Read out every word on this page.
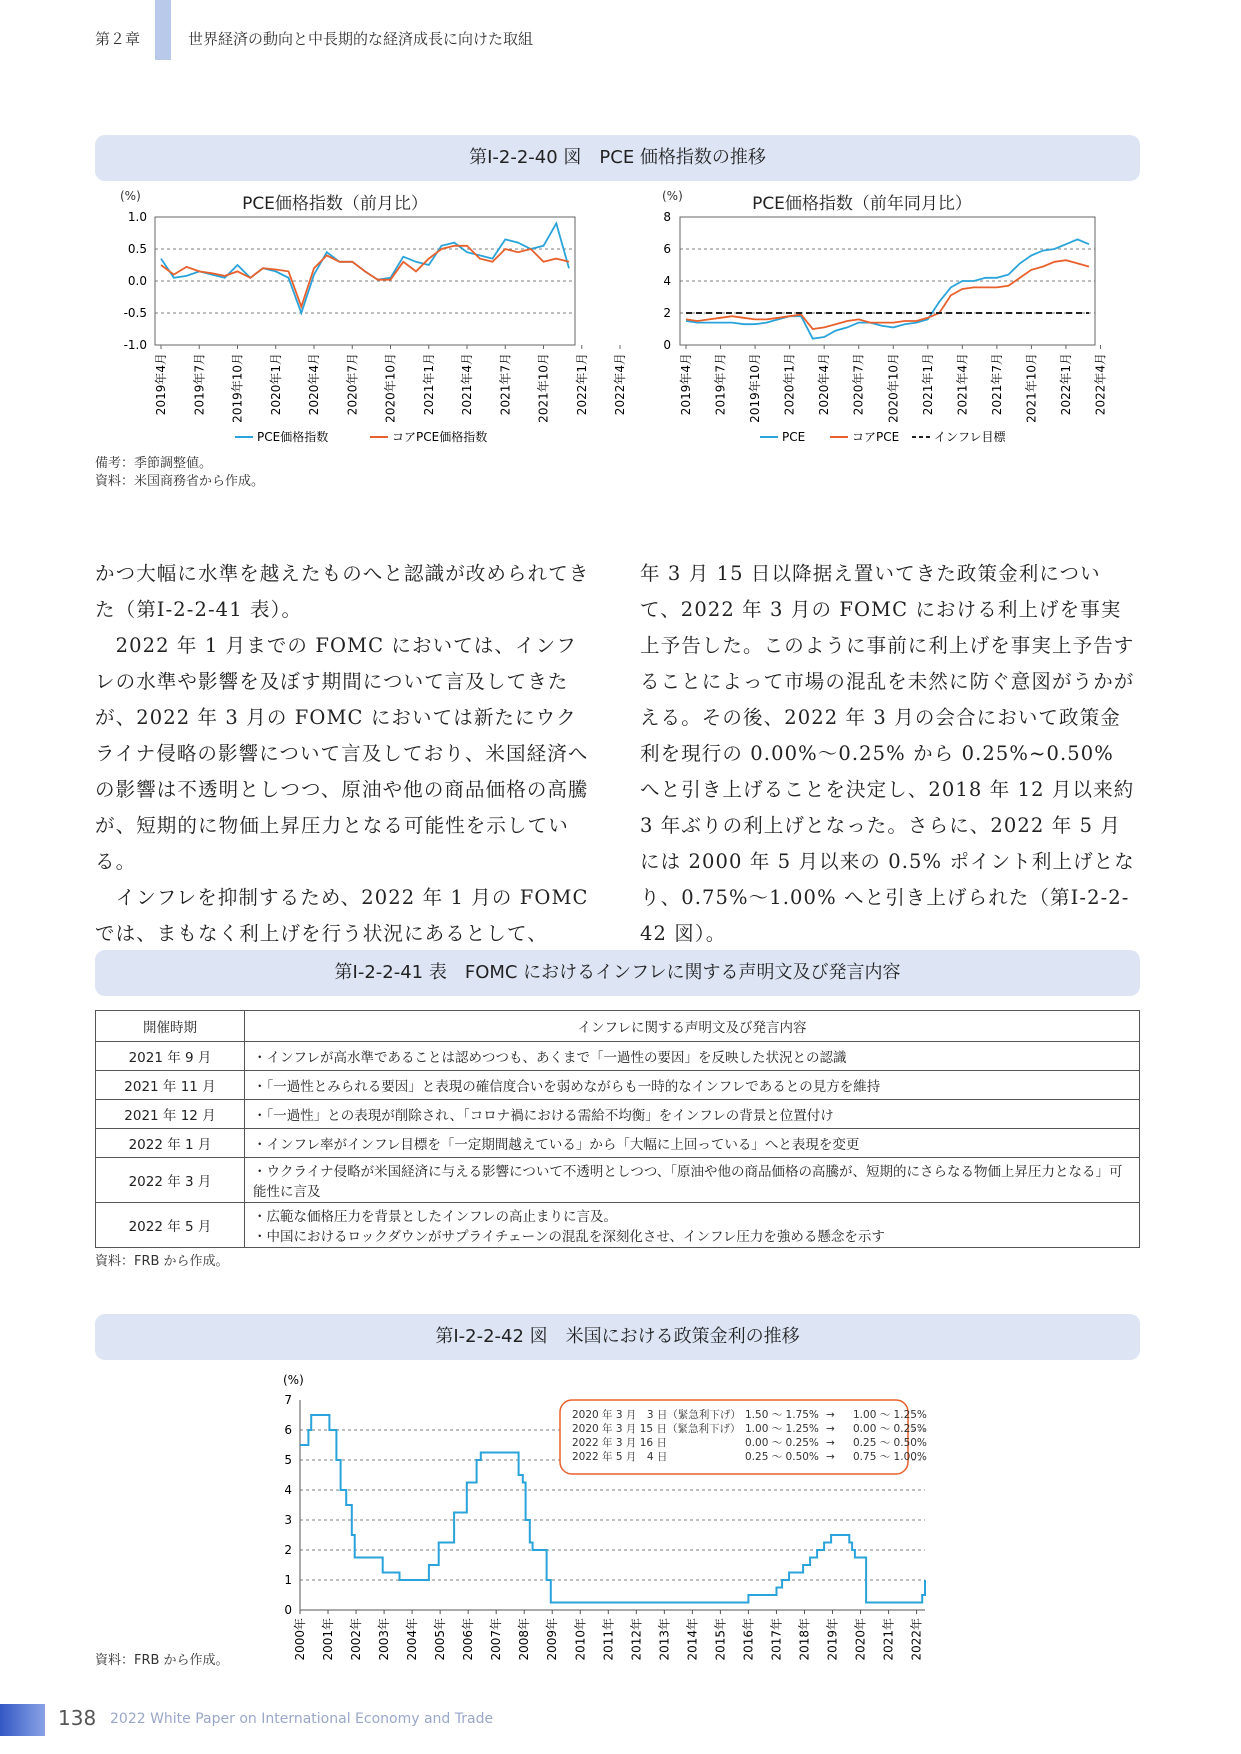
第２章	世界経済の動向と中長期的な経済成長に向けた取組
第Ⅰ-2-2-40 図　PCE 価格指数の推移
(%)	PCE価格指数（前月比）
1.0
0.5
0.0
-0.5
-1.0
2019年4月 2019年7月 2019年10月 2020年1月 2020年4月 2020年7月 2020年10月 2021年1月 2021年4月 2021年7月 2021年10月 2022年1月 2022年4月
PCE価格指数	コアPCE価格指数
(%)	PCE価格指数（前年同月比）
8
6
4
2
0
2019年4月 2019年7月 2019年10月 2020年1月 2020年4月 2020年7月 2020年10月 2021年1月 2021年4月 2021年7月 2021年10月 2022年1月 2022年4月
PCE	コアPCE	インフレ目標
備考：季節調整値。
資料：米国商務省から作成。

かつ大幅に水準を越えたものへと認識が改められてきた（第Ⅰ-2-2-41 表）。

　2022 年 1 月までの FOMC においては、インフレの水準や影響を及ぼす期間について言及してきたが、2022 年 3 月の FOMC においては新たにウクライナ侵略の影響について言及しており、米国経済への影響は不透明としつつ、原油や他の商品価格の高騰が、短期的に物価上昇圧力となる可能性を示している。

　インフレを抑制するため、2022 年 1 月の FOMC では、まもなく利上げを行う状況にあるとして、

年 3 月 15 日以降据え置いてきた政策金利について、2022 年 3 月の FOMC における利上げを事実上予告した。このように事前に利上げを事実上予告することによって市場の混乱を未然に防ぐ意図がうかがえる。その後、2022 年 3 月の会合において政策金利を現行の 0.00%〜0.25% から 0.25%~0.50% へと引き上げることを決定し、2018 年 12 月以来約 3 年ぶりの利上げとなった。さらに、2022 年 5 月には 2000 年 5 月以来の 0.5% ポイント利上げとなり、0.75%〜1.00% へと引き上げられた（第Ⅰ-2-2-42 図）。

第Ⅰ-2-2-41 表　FOMC におけるインフレに関する声明文及び発言内容
開催時期	インフレに関する声明文及び発言内容
2021 年 9 月	・インフレが高水準であることは認めつつも、あくまで「一過性の要因」を反映した状況との認識
2021 年 11 月	・「一過性とみられる要因」と表現の確信度合いを弱めながらも一時的なインフレであるとの見方を維持
2021 年 12 月	・「一過性」との表現が削除され、「コロナ禍における需給不均衡」をインフレの背景と位置付け
2022 年 1 月	・インフレ率がインフレ目標を「一定期間越えている」から「大幅に上回っている」へと表現を変更
2022 年 3 月	・ウクライナ侵略が米国経済に与える影響について不透明としつつ、「原油や他の商品価格の高騰が、短期的にさらなる物価上昇圧力となる」可能性に言及
2022 年 5 月	・広範な価格圧力を背景としたインフレの高止まりに言及。
・中国におけるロックダウンがサプライチェーンの混乱を深刻化させ、インフレ圧力を強める懸念を示す
資料：FRB から作成。
第Ⅰ-2-2-42 図　米国における政策金利の推移
(%)
7
6
5
4
3
2
1
0
2000年 2001年 2002年 2003年 2004年 2005年 2006年 2007年 2008年 2009年 2010年 2011年 2012年 2013年 2014年 2015年 2016年 2017年 2018年 2019年 2020年 2021年 2022年
2020 年 3 月　3 日（緊急利下げ） 1.50 〜 1.75% → 1.00 〜 1.25%
2020 年 3 月 15 日（緊急利下げ） 1.00 〜 1.25% → 0.00 〜 0.25%
2022 年 3 月 16 日	0.00 〜 0.25% → 0.25 〜 0.50%
2022 年 5 月　4 日	0.25 〜 0.50% → 0.75 〜 1.00%
資料：FRB から作成。
138 2022 White Paper on International Economy and Trade
